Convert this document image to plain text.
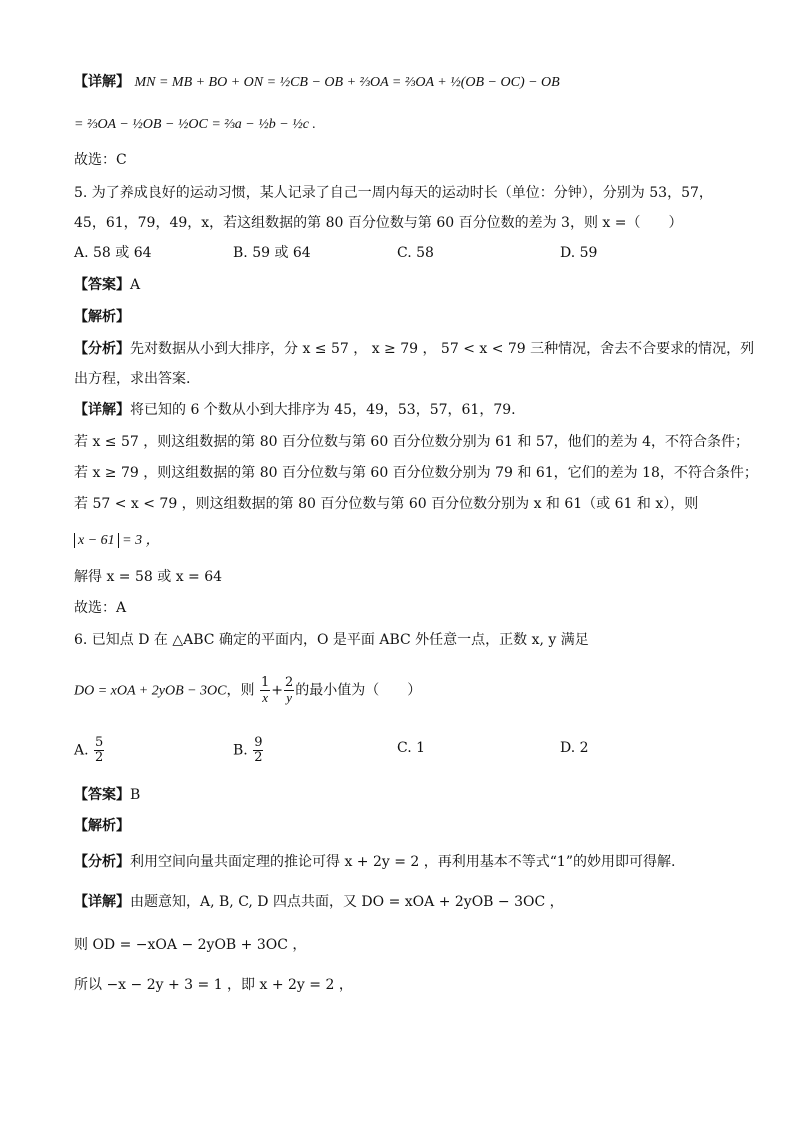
【详解】 MN = MB + BO + ON = ½CB − OB + ⅔OA = ⅔OA + ½(OB − OC) − OB
= ⅔OA − ½OB − ½OC = ⅔a − ½b − ½c .
故选：C
5. 为了养成良好的运动习惯，某人记录了自己一周内每天的运动时长（单位：分钟），分别为 53，57，
45，61，79，49，x，若这组数据的第 80 百分位数与第 60 百分位数的差为 3，则 x =（　　）
A. 58 或 64	B. 59 或 64	C. 58	D. 59
【答案】A
【解析】
【分析】先对数据从小到大排序，分 x ≤ 57 ， x ≥ 79 ， 57 < x < 79 三种情况，舍去不合要求的情况，列
出方程，求出答案.
【详解】将已知的 6 个数从小到大排序为 45，49，53，57，61，79.
若 x ≤ 57 ，则这组数据的第 80 百分位数与第 60 百分位数分别为 61 和 57，他们的差为 4，不符合条件；
若 x ≥ 79 ，则这组数据的第 80 百分位数与第 60 百分位数分别为 79 和 61，它们的差为 18，不符合条件；
若 57 < x < 79 ，则这组数据的第 80 百分位数与第 60 百分位数分别为 x 和 61（或 61 和 x），则
x − 61 = 3 ，
解得 x = 58 或 x = 64
故选：A
6. 已知点 D 在 △ABC 确定的平面内，O 是平面 ABC 外任意一点，正数 x, y 满足
DO = xOA + 2yOB − 3OC，则 $\frac{1}{x} + \frac{2}{y}$ 的最小值为（　　）
A. $\frac{5}{2}$	B. $\frac{9}{2}$	C. 1	D. 2
【答案】B
【解析】
【分析】利用空间向量共面定理的推论可得 x + 2y = 2 ，再利用基本不等式“1”的妙用即可得解.
【详解】由题意知，A, B, C, D 四点共面，又 DO = xOA + 2yOB − 3OC ，
则 OD = −xOA − 2yOB + 3OC ，
所以 −x − 2y + 3 = 1 ，即 x + 2y = 2 ，
